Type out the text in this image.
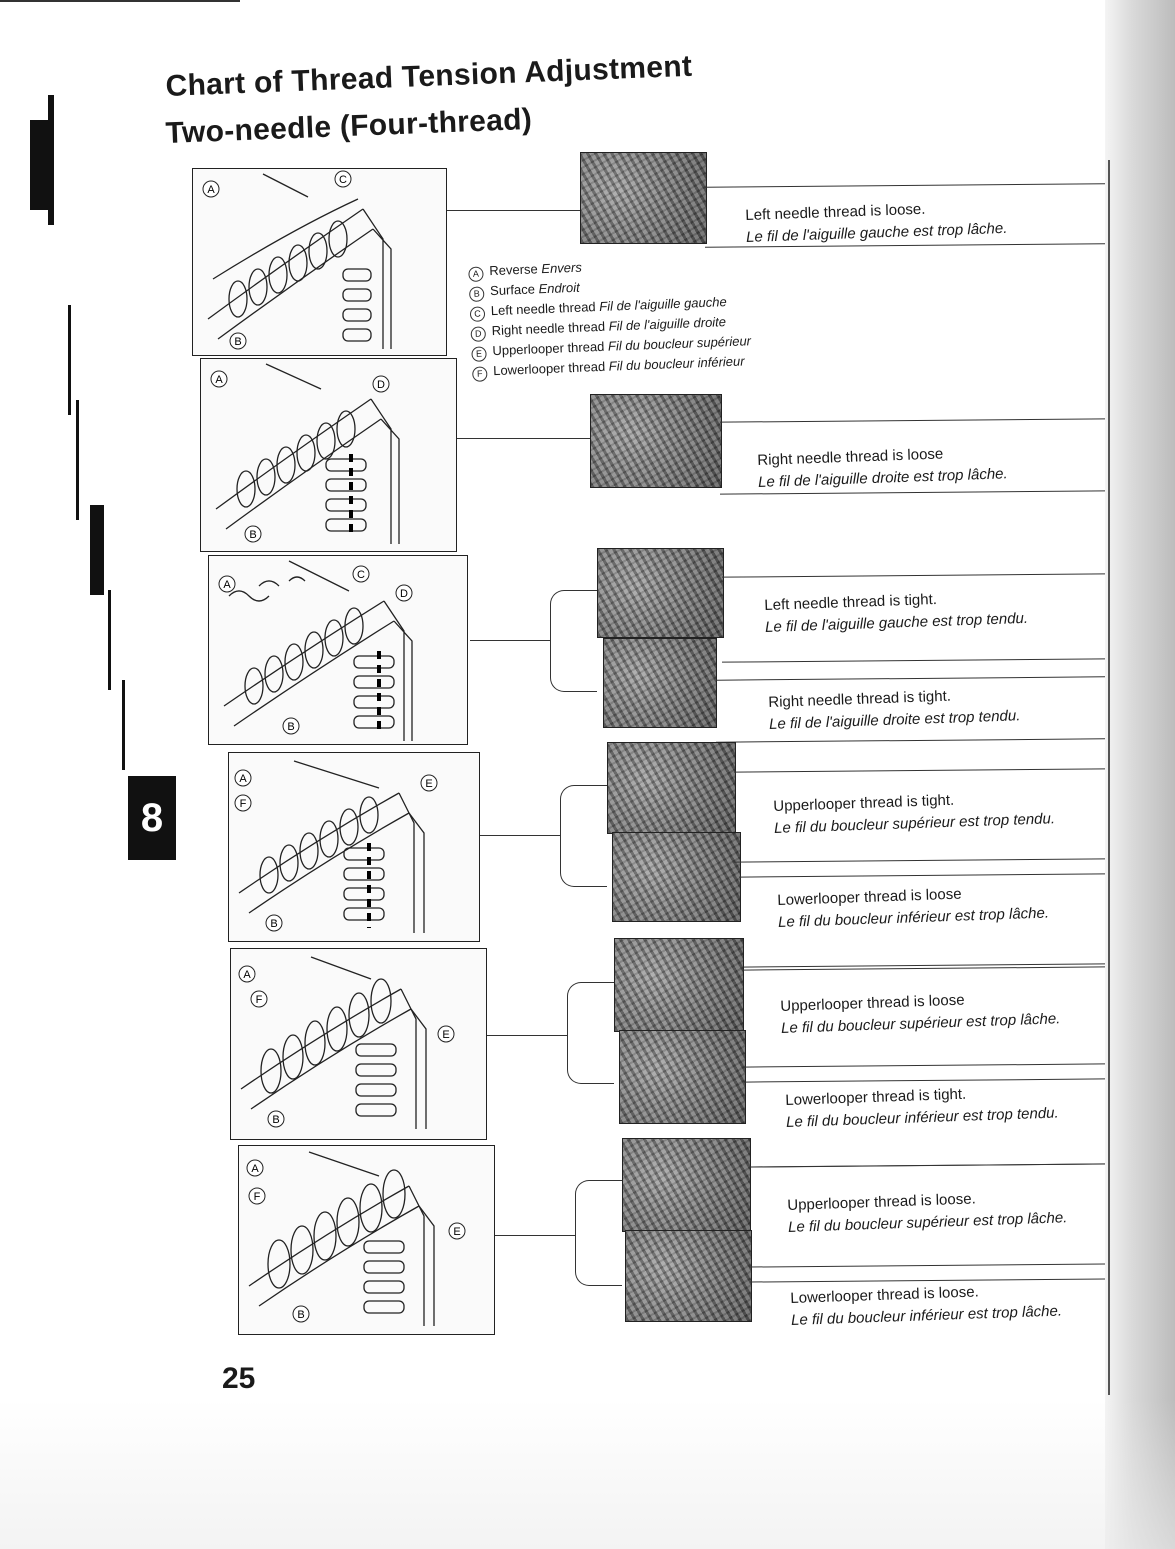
8
Chart of Thread Tension Adjustment
Two-needle (Four-thread)
A Reverse Envers
B Surface Endroit
C Left needle thread Fil de l'aiguille gauche
D Right needle thread Fil de l'aiguille droite
E Upperlooper thread Fil du boucleur supérieur
F Lowerlooper thread Fil du boucleur inférieur
A
C
B
Left needle thread is loose.
Le fil de l'aiguille gauche est trop lâche.
A	D
B
Right needle thread is loose
Le fil de l'aiguille droite est trop lâche.
A
C
D
B
Left needle thread is tight.
Le fil de l'aiguille gauche est trop tendu.
Right needle thread is tight.
Le fil de l'aiguille droite est trop tendu.
A
F
E
B
Upperlooper thread is tight.
Le fil du boucleur supérieur est trop tendu.
Lowerlooper thread is loose
Le fil du boucleur inférieur est trop lâche.
A
F
E
B
Upperlooper thread is loose
Le fil du boucleur supérieur est trop lâche.
Lowerlooper thread is tight.
Le fil du boucleur inférieur est trop tendu.
A
F
E
B
Upperlooper thread is loose.
Le fil du boucleur supérieur est trop lâche.
Lowerlooper thread is loose.
Le fil du boucleur inférieur est trop lâche.
25
